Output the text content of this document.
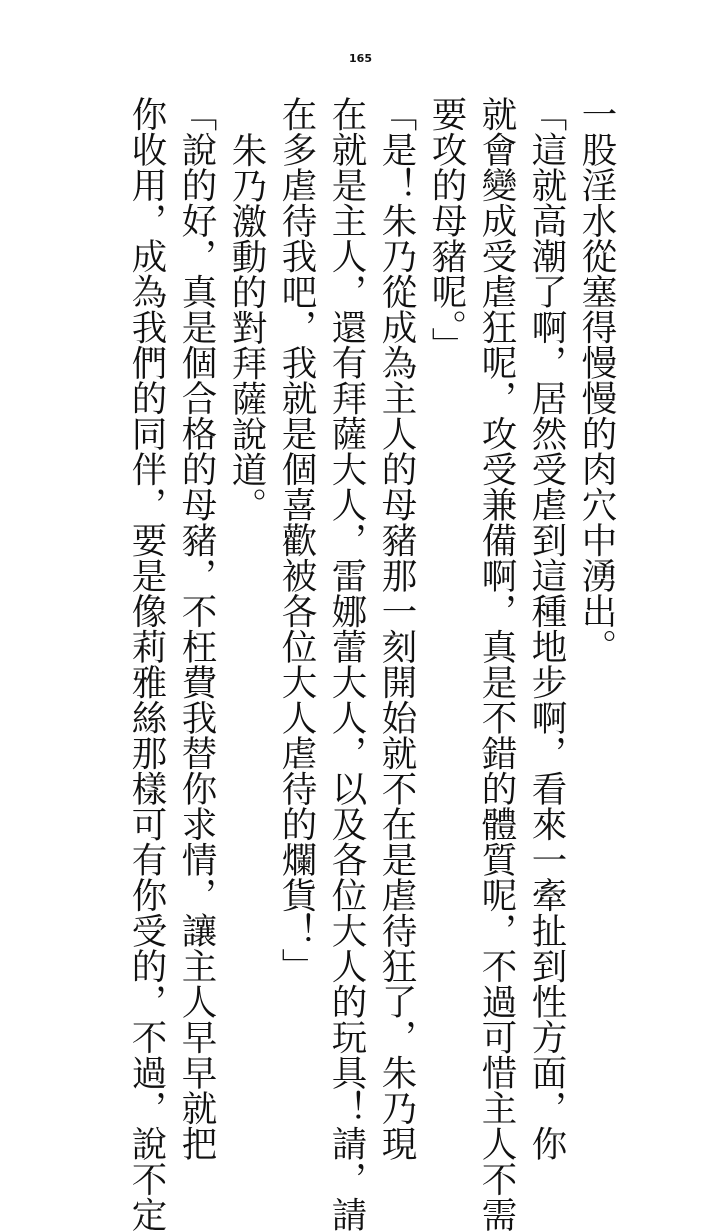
165
一股淫水從塞得慢慢的肉穴中湧出。
「這就高潮了啊，居然受虐到這種地步啊，看來一牽扯到性方面，你
就會變成受虐狂呢，攻受兼備啊，真是不錯的體質呢，不過可惜主人不需
要攻的母豬呢。」
「是！朱乃從成為主人的母豬那一刻開始就不在是虐待狂了，朱乃現
在就是主人，還有拜薩大人，雷娜蕾大人，以及各位大人的玩具！請，請
在多虐待我吧，我就是個喜歡被各位大人虐待的爛貨！」
朱乃激動的對拜薩說道。
「說的好，真是個合格的母豬，不枉費我替你求情，讓主人早早就把
你收用，成為我們的同伴，要是像莉雅絲那樣可有你受的，不過，說不定
